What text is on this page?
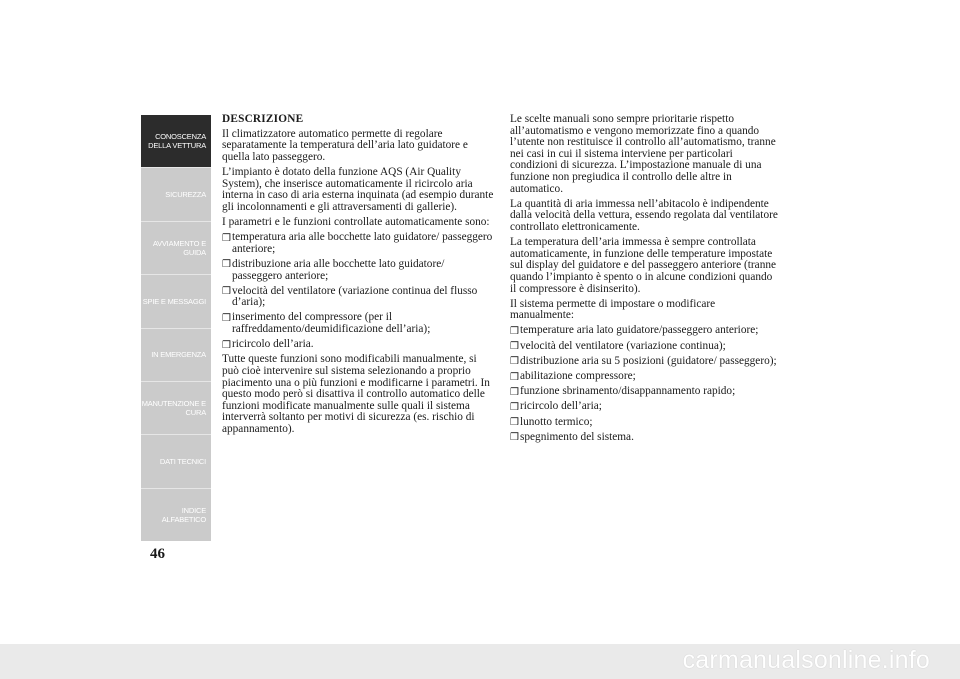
CONOSCENZA
DELLA VETTURA
SICUREZZA
AVVIAMENTO E
GUIDA
SPIE E MESSAGGI
IN EMERGENZA
MANUTENZIONE E
CURA
DATI TECNICI
INDICE
ALFABETICO
46
DESCRIZIONE

Il climatizzatore automatico permette di regolare separatamente la temperatura dell’aria lato guidatore e quella lato passeggero.

L’impianto è dotato della funzione AQS (Air Quality System), che inserisce automaticamente il ricircolo aria interna in caso di aria esterna inquinata (ad esempio durante gli incolonnamenti e gli attraversamenti di gallerie).

I parametri e le funzioni controllate automaticamente sono:

❒ temperatura aria alle bocchette lato guidatore/ passeggero anteriore;
❒ distribuzione aria alle bocchette lato guidatore/ passeggero anteriore;
❒ velocità del ventilatore (variazione continua del flusso d’aria);
❒ inserimento del compressore (per il raffreddamento/deumidificazione dell’aria);
❒ ricircolo dell’aria.

Tutte queste funzioni sono modificabili manualmente, si può cioè intervenire sul sistema selezionando a proprio piacimento una o più funzioni e modificarne i parametri. In questo modo però si disattiva il controllo automatico delle funzioni modificate manualmente sulle quali il sistema interverrà soltanto per motivi di sicurezza (es. rischio di appannamento).

Le scelte manuali sono sempre prioritarie rispetto all’automatismo e vengono memorizzate fino a quando l’utente non restituisce il controllo all’automatismo, tranne nei casi in cui il sistema interviene per particolari condizioni di sicurezza. L’impostazione manuale di una funzione non pregiudica il controllo delle altre in automatico.

La quantità di aria immessa nell’abitacolo è indipendente dalla velocità della vettura, essendo regolata dal ventilatore controllato elettronicamente.

La temperatura dell’aria immessa è sempre controllata automaticamente, in funzione delle temperature impostate sul display del guidatore e del passeggero anteriore (tranne quando l’impianto è spento o in alcune condizioni quando il compressore è disinserito).

Il sistema permette di impostare o modificare manualmente:

❒ temperature aria lato guidatore/passeggero anteriore;
❒ velocità del ventilatore (variazione continua);
❒ distribuzione aria su 5 posizioni (guidatore/ passeggero);
❒ abilitazione compressore;
❒ funzione sbrinamento/disappannamento rapido;
❒ ricircolo dell’aria;
❒ lunotto termico;
❒ spegnimento del sistema.
carmanualsonline.info
